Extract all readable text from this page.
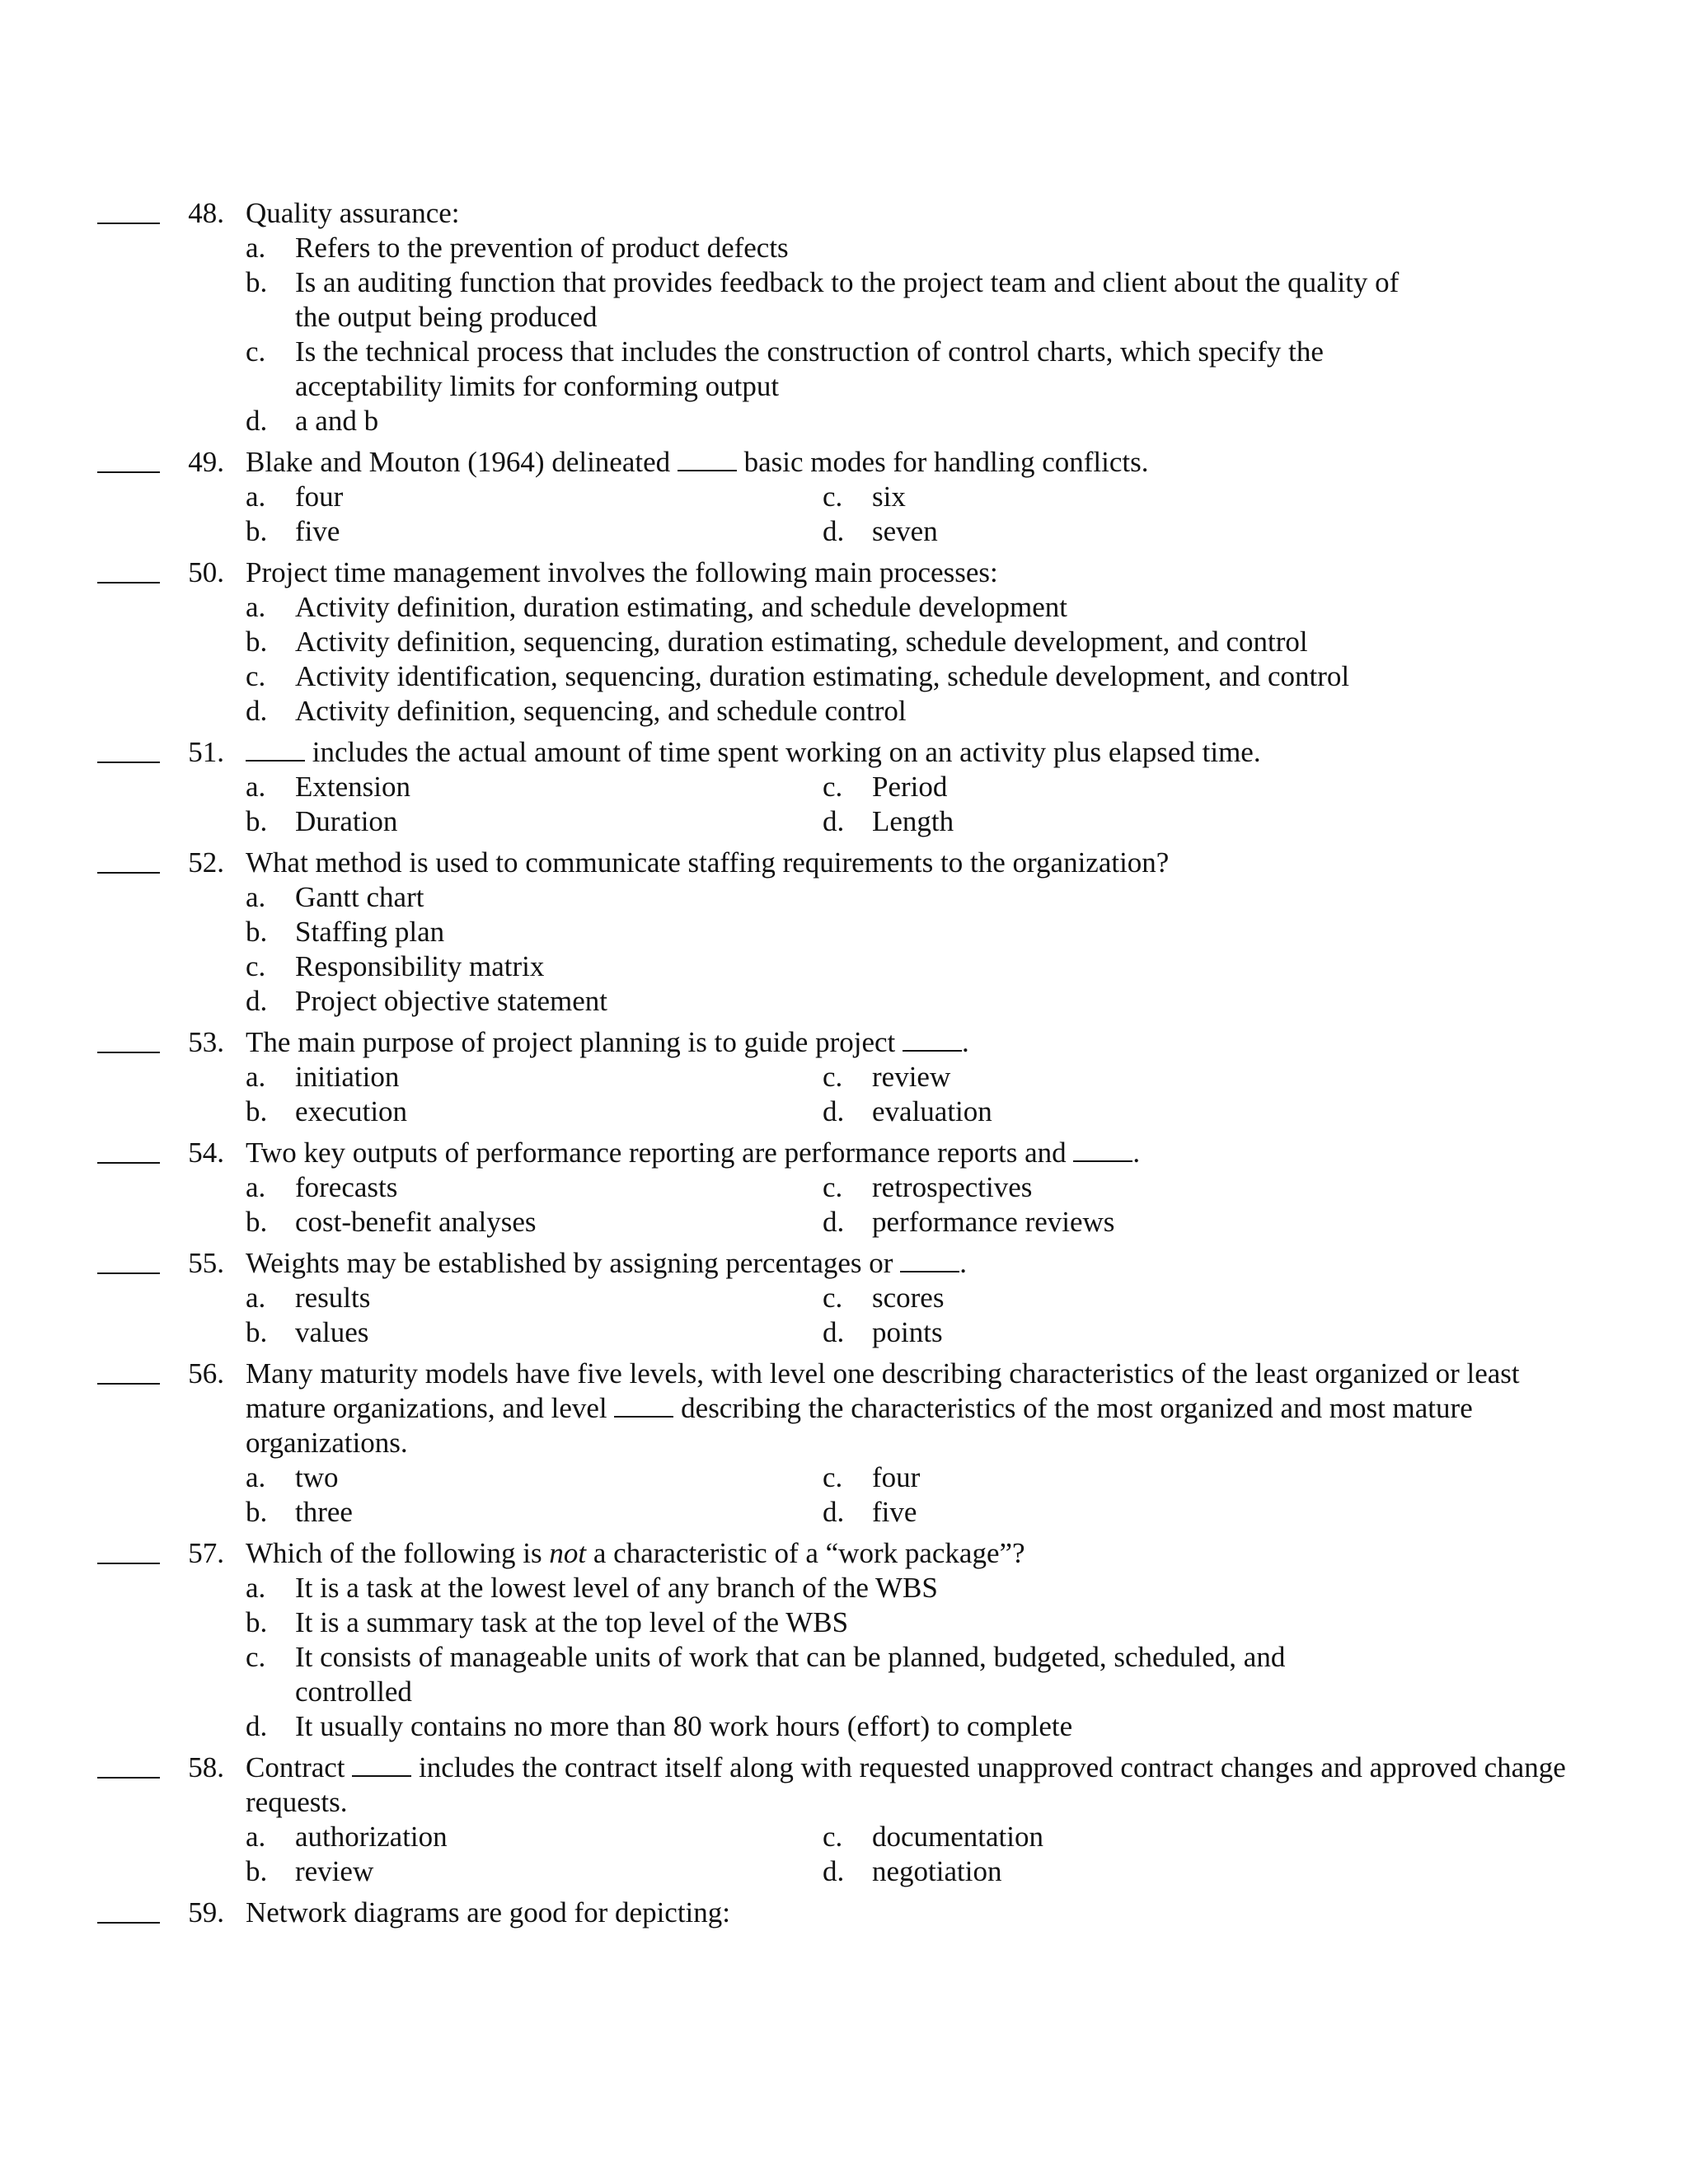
48. Quality assurance:
a.	Refers to the prevention of product defects
b. Is an auditing function that provides feedback to the project team and client about the quality of the output being produced
c.	Is the technical process that includes the construction of control charts, which specify the acceptability limits for conforming output
d. a and b
49. Blake and Mouton (1964) delineated  basic modes for handling conflicts.
a.	four	c.	six
b. five	d. seven
50. Project time management involves the following main processes:
a.	Activity definition, duration estimating, and schedule development
b. Activity definition, sequencing, duration estimating, schedule development, and control
c.	Activity identification, sequencing, duration estimating, schedule development, and control
d. Activity definition, sequencing, and schedule control
51.	includes the actual amount of time spent working on an activity plus elapsed time.
a.	Extension	c.	Period
b. Duration	d. Length
52. What method is used to communicate staffing requirements to the organization?
a.	Gantt chart
b. Staffing plan
c.	Responsibility matrix
d. Project objective statement
53. The main purpose of project planning is to guide project .
a.	initiation	c.	review
b. execution	d. evaluation
54. Two key outputs of performance reporting are performance reports and .
a.	forecasts	c.	retrospectives
b. cost-benefit analyses	d. performance reviews
55. Weights may be established by assigning percentages or .
a.	results	c.	scores
b. values	d. points
56. Many maturity models have five levels, with level one describing characteristics of the least organized or least mature organizations, and level  describing the characteristics of the most organized and most mature organizations.
a.	two	c.	four
b. three	d. five
57. Which of the following is not a characteristic of a “work package”?
a.	It is a task at the lowest level of any branch of the WBS
b. It is a summary task at the top level of the WBS
c.	It consists of manageable units of work that can be planned, budgeted, scheduled, and controlled
d. It usually contains no more than 80 work hours (effort) to complete
58. Contract  includes the contract itself along with requested unapproved contract changes and approved change requests.
a.	authorization	c.	documentation
b. review	d. negotiation
59. Network diagrams are good for depicting:
